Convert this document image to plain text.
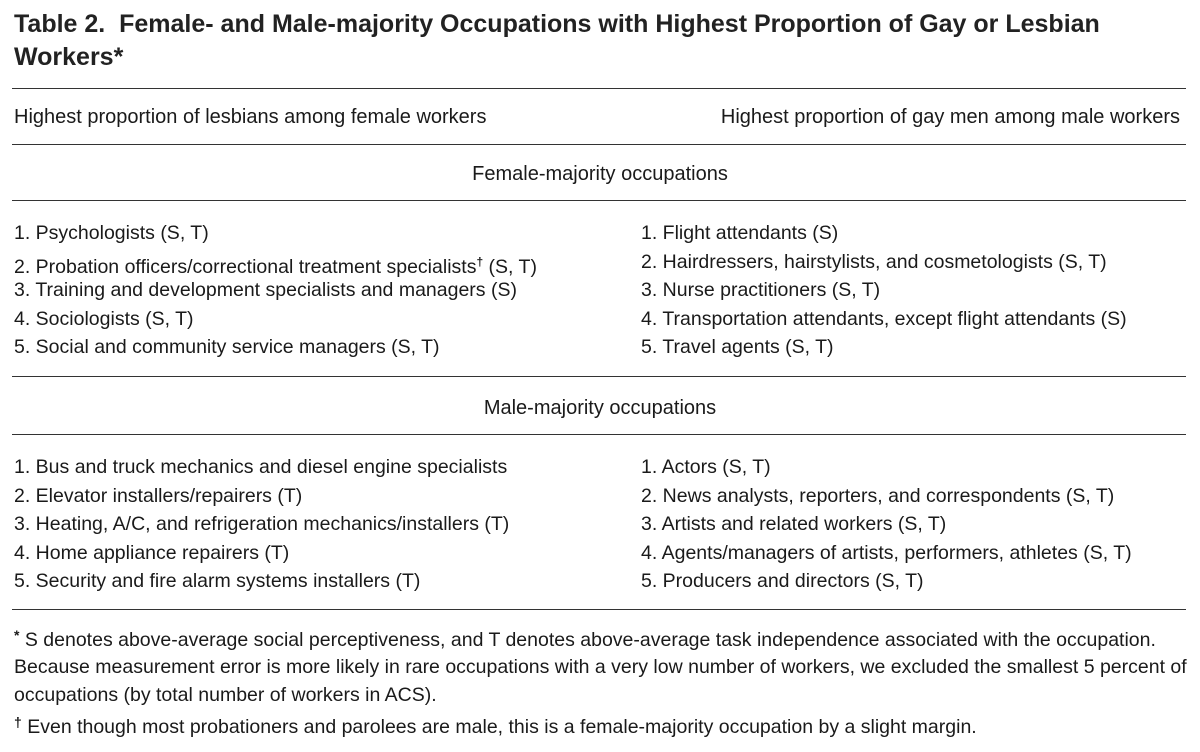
Table 2.  Female- and Male-majority Occupations with Highest Proportion of Gay or Lesbian Workers*
Highest proportion of lesbians among female workers	Highest proportion of gay men among male workers
Female-majority occupations
1. Psychologists (S, T)
2. Probation officers/correctional treatment specialists† (S, T)
3. Training and development specialists and managers (S)
4. Sociologists (S, T)
5. Social and community service managers (S, T)
1. Flight attendants (S)
2. Hairdressers, hairstylists, and cosmetologists (S, T)
3. Nurse practitioners (S, T)
4. Transportation attendants, except flight attendants (S)
5. Travel agents (S, T)
Male-majority occupations
1. Bus and truck mechanics and diesel engine specialists
2. Elevator installers/repairers (T)
3. Heating, A/C, and refrigeration mechanics/installers (T)
4. Home appliance repairers (T)
5. Security and fire alarm systems installers (T)
1. Actors (S, T)
2. News analysts, reporters, and correspondents (S, T)
3. Artists and related workers (S, T)
4. Agents/managers of artists, performers, athletes (S, T)
5. Producers and directors (S, T)

* S denotes above-average social perceptiveness, and T denotes above-average task independence associated with the occupation. Because measurement error is more likely in rare occupations with a very low number of workers, we excluded the smallest 5 percent of occupations (by total number of workers in ACS).

† Even though most probationers and parolees are male, this is a female-majority occupation by a slight margin.
